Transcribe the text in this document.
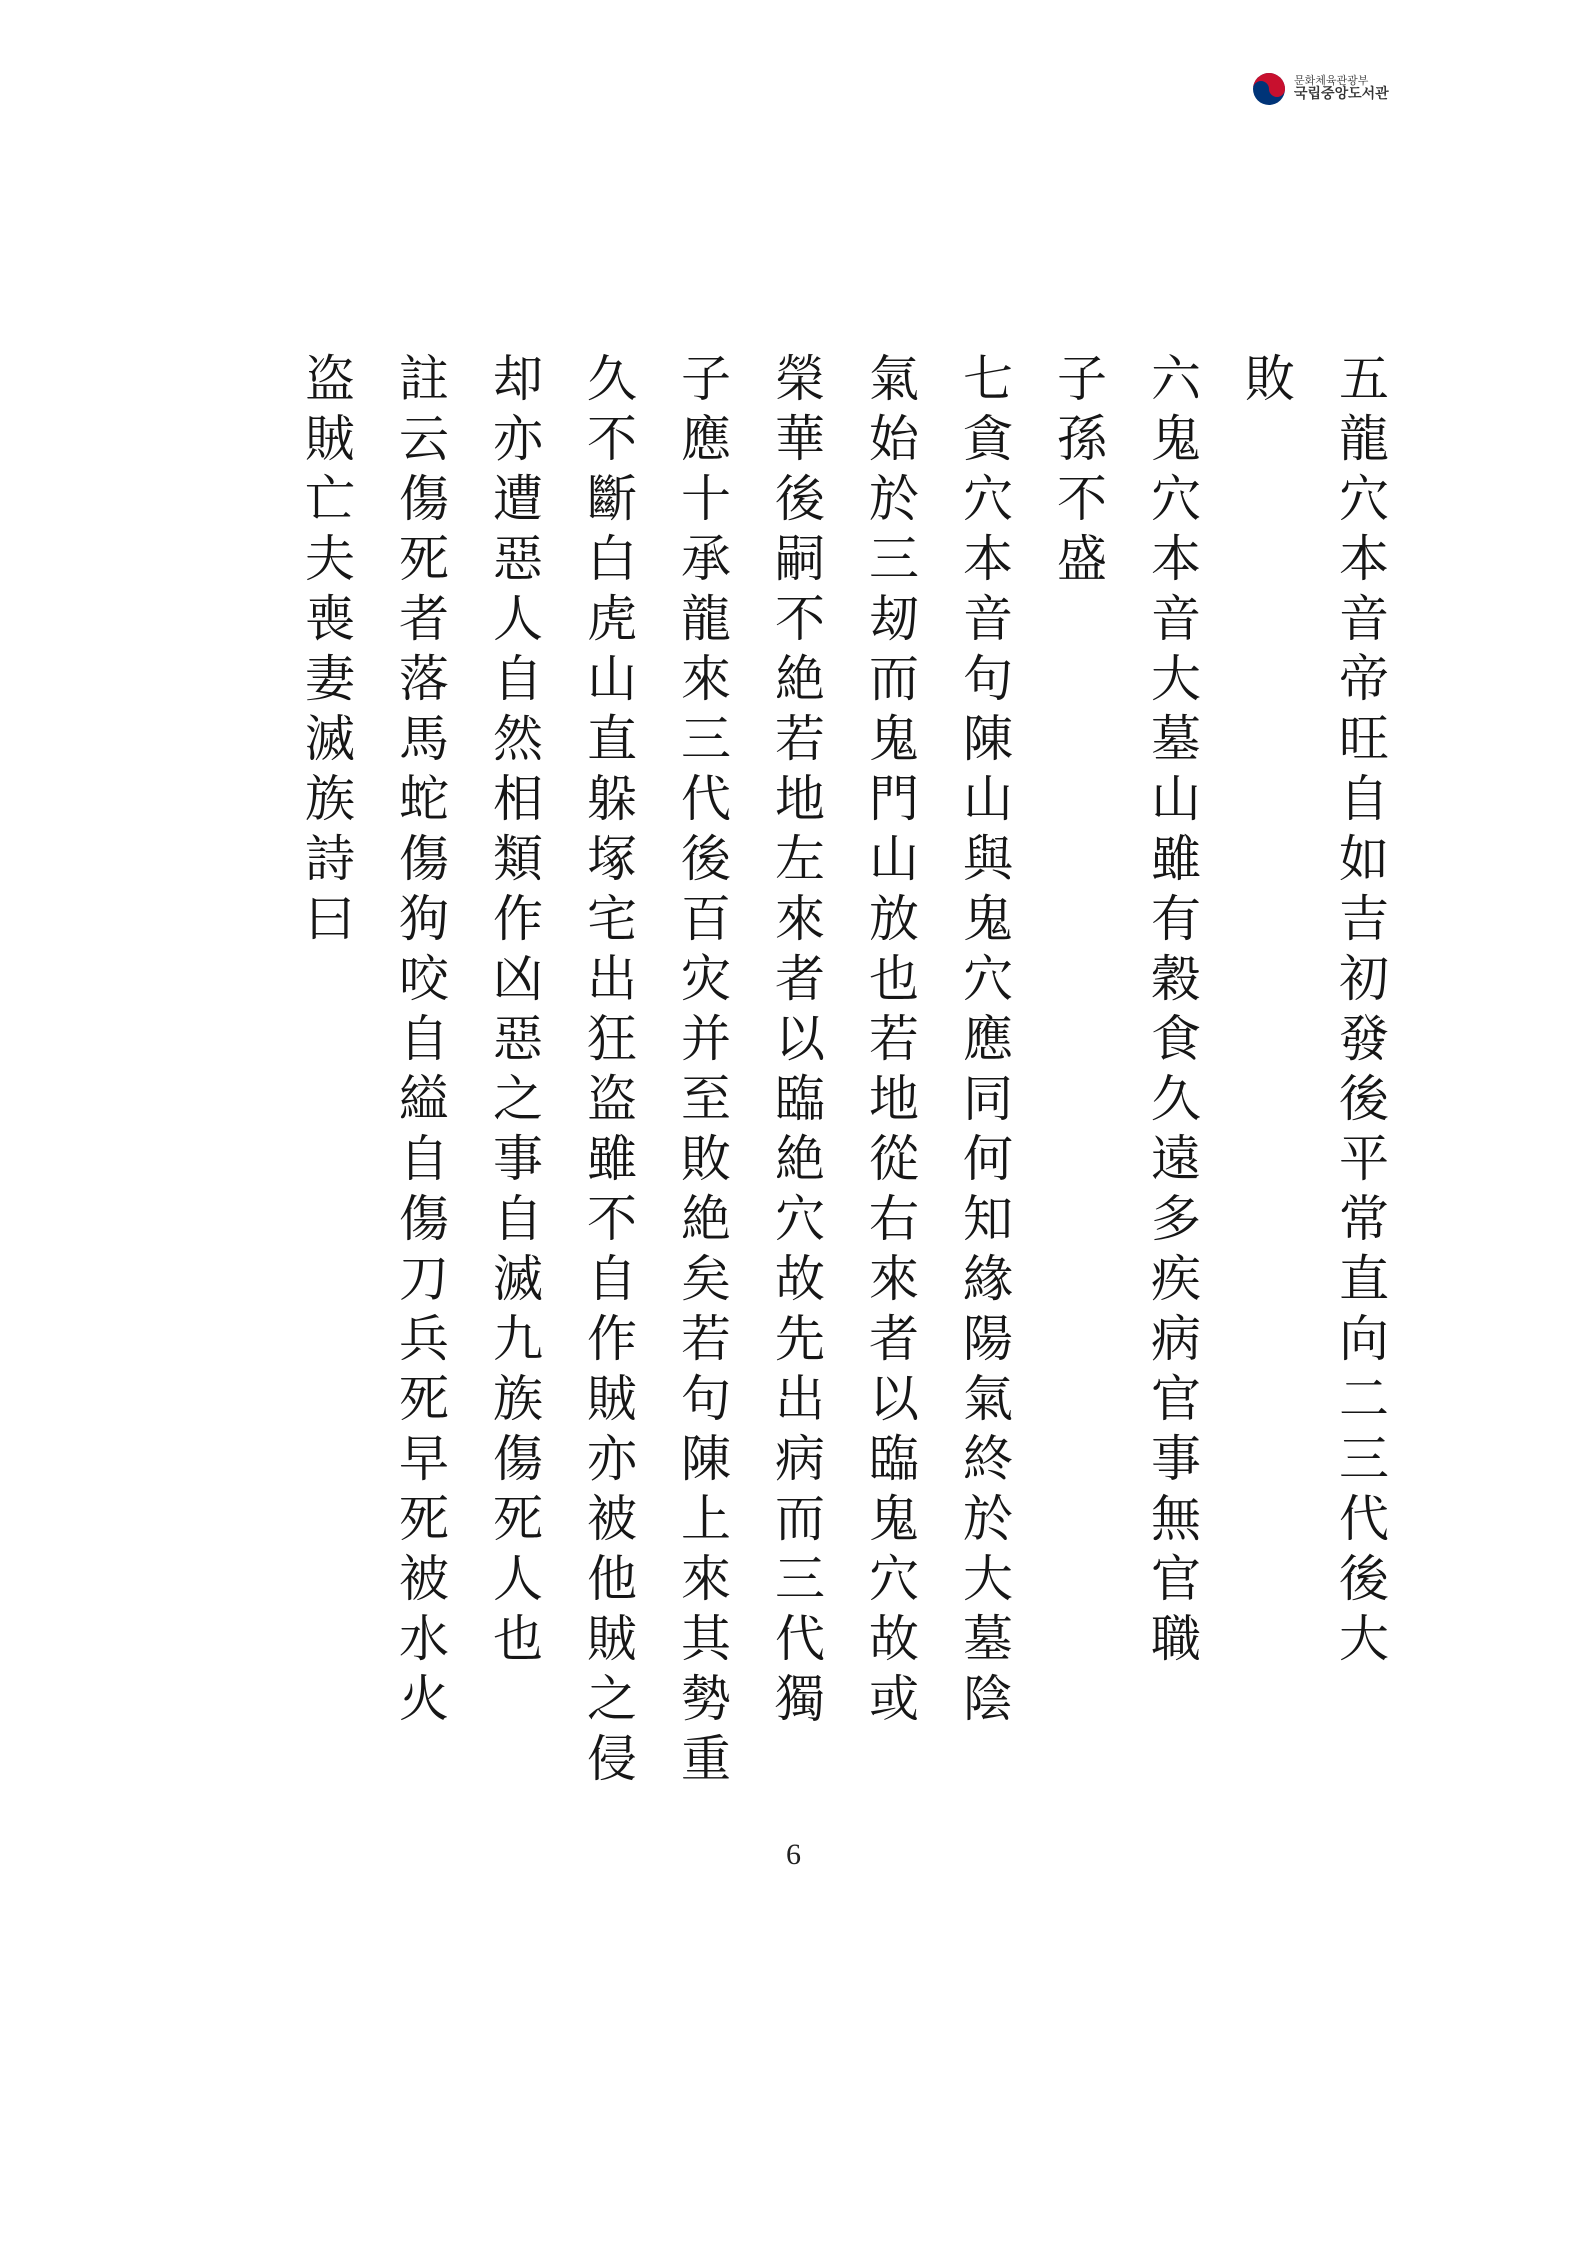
문화체육관광부
국립중앙도서관
五龍穴本音帝旺自如吉初發後平常直向二三代後大
敗
六鬼穴本音大墓山雖有穀食久遠多疾病官事無官職
子孫不盛
七貪穴本音句陳山與鬼穴應同何知緣陽氣終於大墓陰
氣始於三刼而鬼門山放也若地從右來者以臨鬼穴故或
榮華後嗣不絶若地左來者以臨絶穴故先出病而三代獨
子應十承龍來三代後百灾并至敗絶矣若句陳上來其勢重
久不斷白虎山直躲塚宅出狂盗雖不自作賊亦被他賊之侵
却亦遭惡人自然相類作凶惡之事自滅九族傷死人也
註云傷死者落馬蛇傷狗咬自縊自傷刀兵死早死被水火
盗賊亡夫喪妻滅族詩曰
6
